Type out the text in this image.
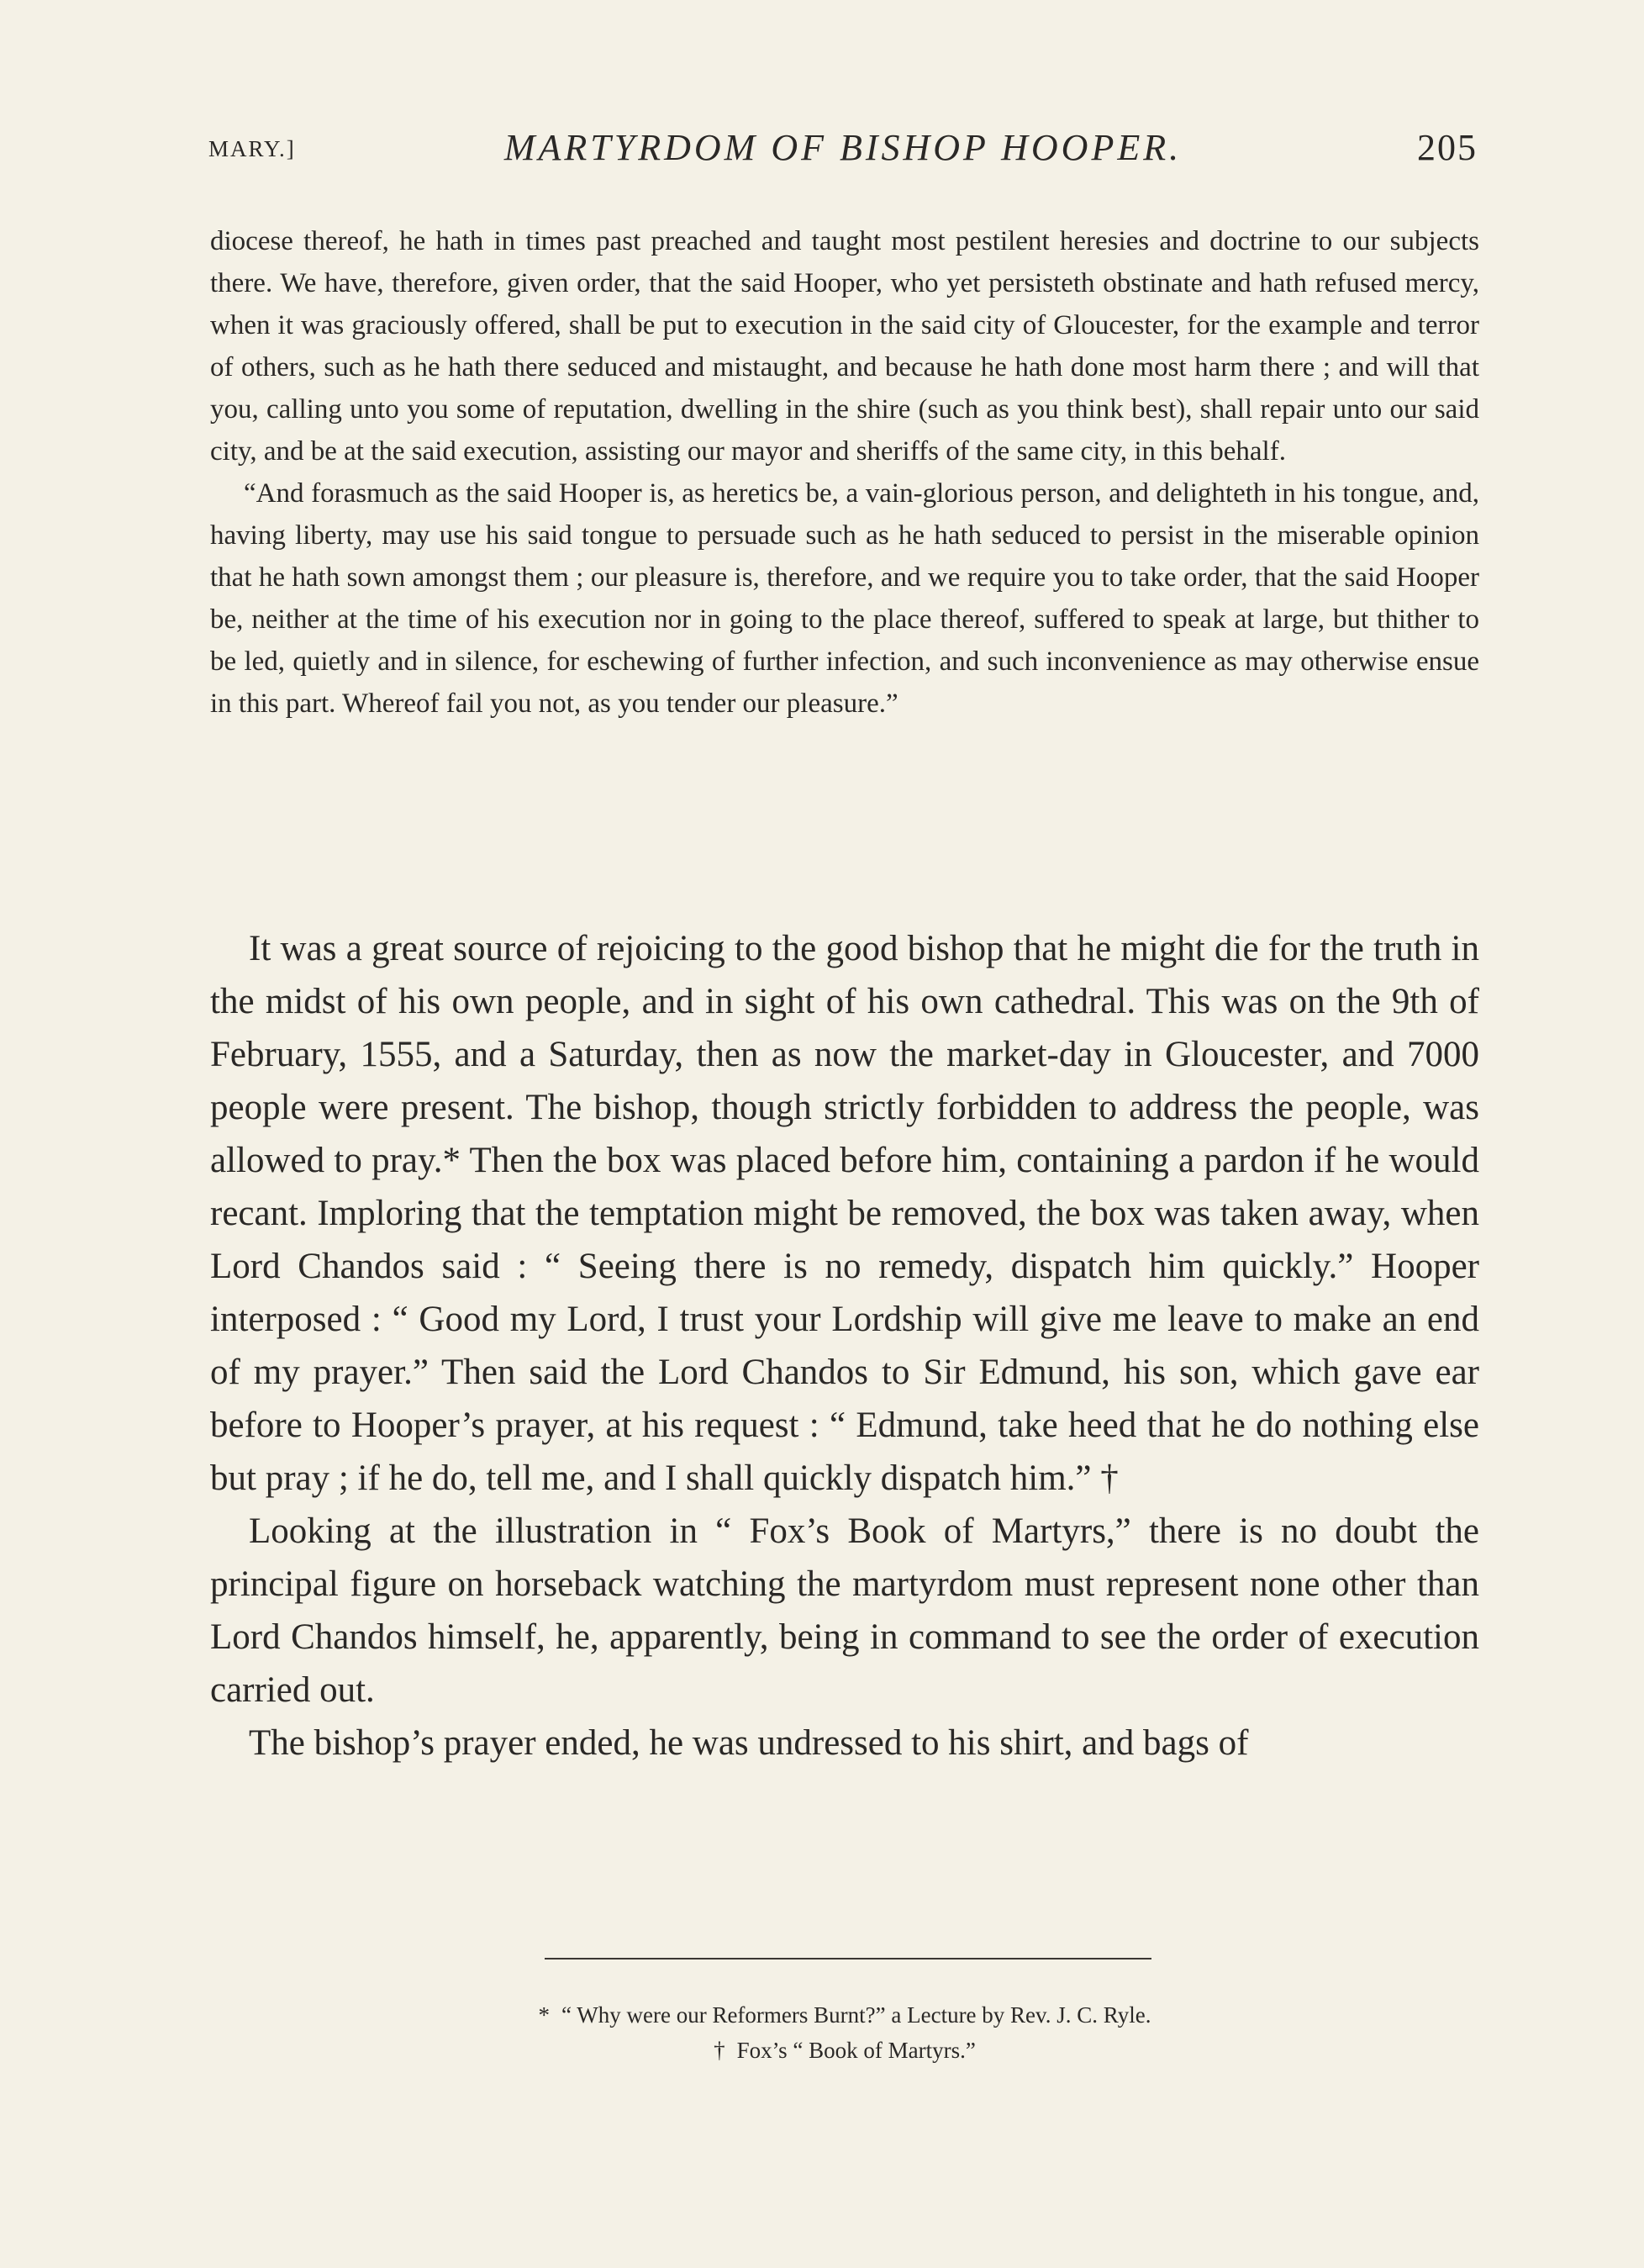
MARY.]	MARTYRDOM OF BISHOP HOOPER.	205

diocese thereof, he hath in times past preached and taught most pestilent heresies and doctrine to our subjects there. We have, therefore, given order, that the said Hooper, who yet persisteth obstinate and hath refused mercy, when it was graciously offered, shall be put to execution in the said city of Gloucester, for the example and terror of others, such as he hath there seduced and mistaught, and because he hath done most harm there ; and will that you, calling unto you some of reputation, dwelling in the shire (such as you think best), shall repair unto our said city, and be at the said execution, assisting our mayor and sheriffs of the same city, in this behalf.

“And forasmuch as the said Hooper is, as heretics be, a vain-glorious person, and delighteth in his tongue, and, having liberty, may use his said tongue to persuade such as he hath seduced to persist in the miserable opinion that he hath sown amongst them ; our pleasure is, therefore, and we require you to take order, that the said Hooper be, neither at the time of his execution nor in going to the place thereof, suffered to speak at large, but thither to be led, quietly and in silence, for eschewing of further infection, and such inconvenience as may otherwise ensue in this part. Whereof fail you not, as you tender our pleasure.”

It was a great source of rejoicing to the good bishop that he might die for the truth in the midst of his own people, and in sight of his own cathedral. This was on the 9th of February, 1555, and a Saturday, then as now the market-day in Gloucester, and 7000 people were present. The bishop, though strictly forbidden to address the people, was allowed to pray.* Then the box was placed before him, containing a pardon if he would recant. Imploring that the temptation might be removed, the box was taken away, when Lord Chandos said : “ Seeing there is no remedy, dispatch him quickly.” Hooper interposed : “ Good my Lord, I trust your Lordship will give me leave to make an end of my prayer.” Then said the Lord Chandos to Sir Edmund, his son, which gave ear before to Hooper’s prayer, at his request : “ Edmund, take heed that he do nothing else but pray ; if he do, tell me, and I shall quickly dispatch him.” †

Looking at the illustration in “ Fox’s Book of Martyrs,” there is no doubt the principal figure on horseback watching the martyrdom must represent none other than Lord Chandos himself, he, apparently, being in command to see the order of execution carried out.

The bishop’s prayer ended, he was undressed to his shirt, and bags of

* “ Why were our Reformers Burnt?” a Lecture by Rev. J. C. Ryle.

† Fox’s “ Book of Martyrs.”
